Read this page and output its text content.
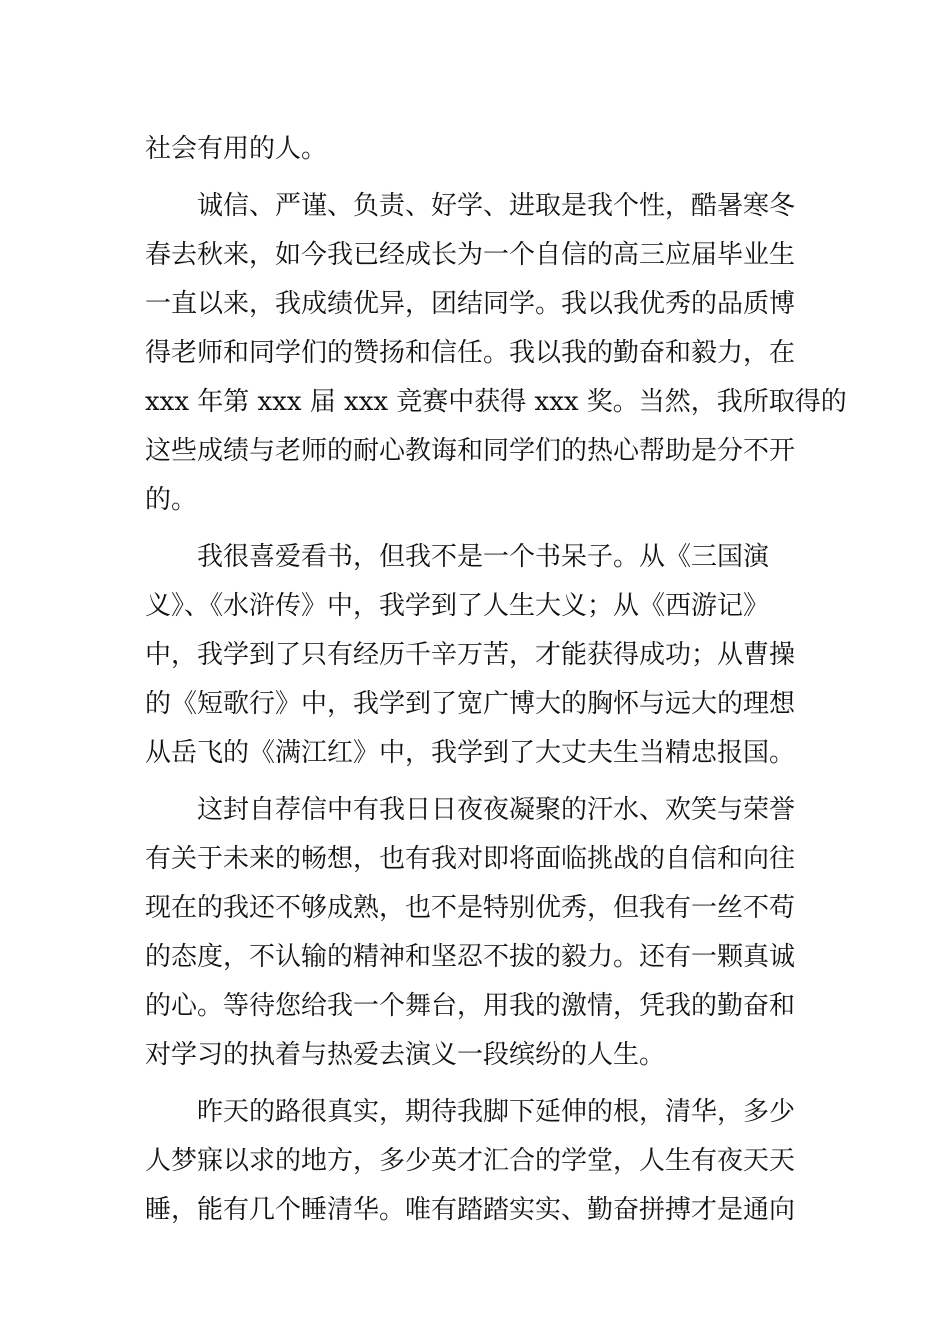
社会有用的人。
　　诚信、严谨、负责、好学、进取是我个性，酷暑寒冬
春去秋来，如今我已经成长为一个自信的高三应届毕业生
一直以来，我成绩优异，团结同学。我以我优秀的品质博
得老师和同学们的赞扬和信任。我以我的勤奋和毅力，在
xxx 年第 xxx 届 xxx 竞赛中获得 xxx 奖。当然，我所取得的
这些成绩与老师的耐心教诲和同学们的热心帮助是分不开
的。
　　我很喜爱看书，但我不是一个书呆子。从《三国演
义》、《水浒传》中，我学到了人生大义；从《西游记》
中，我学到了只有经历千辛万苦，才能获得成功；从曹操
的《短歌行》中，我学到了宽广博大的胸怀与远大的理想
从岳飞的《满江红》中，我学到了大丈夫生当精忠报国。
　　这封自荐信中有我日日夜夜凝聚的汗水、欢笑与荣誉
有关于未来的畅想，也有我对即将面临挑战的自信和向往
现在的我还不够成熟，也不是特别优秀，但我有一丝不苟
的态度，不认输的精神和坚忍不拔的毅力。还有一颗真诚
的心。等待您给我一个舞台，用我的激情，凭我的勤奋和
对学习的执着与热爱去演义一段缤纷的人生。
　　昨天的路很真实，期待我脚下延伸的根，清华，多少
人梦寐以求的地方，多少英才汇合的学堂，人生有夜天天
睡，能有几个睡清华。唯有踏踏实实、勤奋拼搏才是通向
